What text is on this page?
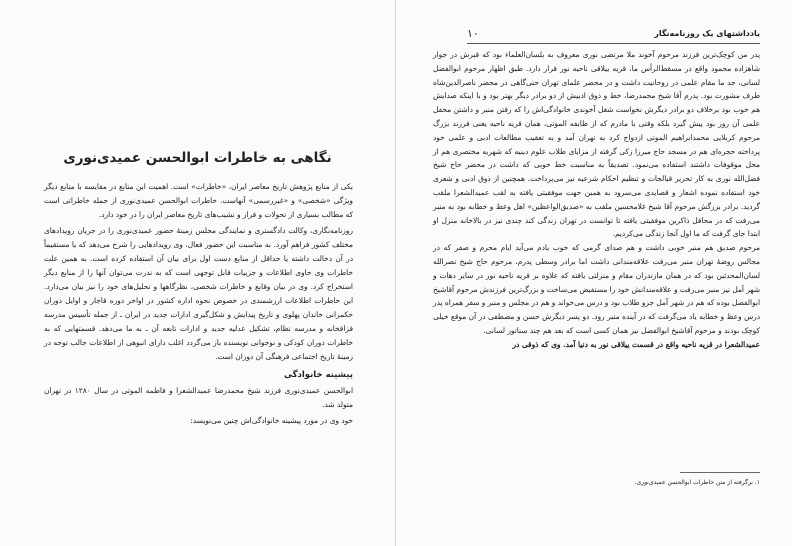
نگاهی به خاطرات ابوالحسن عمیدی‌نوری

یکی از منابع پژوهش تاریخ معاصر ایران، «خاطرات» است. اهمیت این منابع در مقایسه با منابع دیگر ویژگی «شخصی» و «غیررسمی» آنهاست. خاطرات ابوالحسن عمیدی‌نوری از جمله خاطراتی است که مطالب بسیاری از تحولات و فراز و نشیب‌های تاریخ معاصر ایران را در خود دارد.

روزنامه‌نگاری، وکالت دادگستری و نمایندگی مجلس زمینهٔ حضور عمیدی‌نوری را در جریان رویدادهای مختلف کشور فراهم آورد. به مناسبت این حضور فعال، وی رویدادهایی را شرح می‌دهد که یا مستقیماً در آن دخالت داشته یا حداقل از منابع دست اول برای بیان آن استفاده کرده است. به همین علت خاطرات وی حاوی اطلاعات و جزییات قابل توجهی است که به ندرت می‌توان آنها را از منابع دیگر استخراج کرد. وی در بیان وقایع و خاطرات شخصی، نظرگاهها و تحلیل‌های خود را نیز بیان می‌دارد. این خاطرات اطلاعات ارزشمندی در خصوص نحوه اداره کشور در اواخر دوره قاجار و اوایل دوران حکمرانی خاندان پهلوی و تاریخ پیدایش و شکل‌گیری ادارات جدید در ایران ـ از جمله تأسیس مدرسه قزاقخانه و مدرسه نظام، تشکیل عدلیه جدید و ادارات تابعه آن ـ به ما می‌دهد. قسمتهایی که به خاطرات دوران کودکی و نوجوانی نویسنده باز می‌گردد اغلب دارای انبوهی از اطلاعات جالب توجه در زمینهٔ تاریخ اجتماعی فرهنگی آن دوران است.

پیشینه خانوادگی

ابوالحسن عمیدی‌نوری فرزند شیخ محمدرضا عمیدالشعرا و فاطمه الموتی در سال ۱۲۸۰ در تهران متولد شد.

خود وی در مورد پیشینه خانوادگی‌اش چنین می‌نویسد:

یادداشتهای یک روزنامه‌نگار
۱۰

پدر من کوچک‌ترین فرزند مرحوم آخوند ملا مرتضی نوری معروف به بلسان‌العلماء بود که قبرش در جوار شاهزاده محمود واقع در مسقط‌الرأس ما، قریه ییلاقی ناحیه نور قرار دارد. طبق اظهار مرحوم ابوالفضل لسانی، جد ما مقام علمی در روحانیت داشت و در محضر علمای تهران حتی‌گاهی در محضر ناصرالدین‌شاه طرف مشورت بود. پدرم آقا شیخ محمدرضا، خط و ذوق ادبیش از دو برادر دیگر بهتر بود و با اینکه صدایش هم خوب بود برخلاف دو برادر دیگرش نخواست شغل آخوندی خانوادگی‌اش را که رفتن منبر و داشتن محفل علمی آن روز بود پیش گیرد بلکه وقتی با مادرم که از طایفه الموتی، همان قریه ناحیه یعنی فرزند بزرگ مرحوم کربلایی محمدابراهیم الموتی ازدواج کرد به تهران آمد و به تعقیب مطالعات ادبی و علمی خود پرداخته حجره‌ای هم در مسجد حاج میرزا زکی گرفته از مزایای طلاب علوم دینیه که شهریه مختصری هم از محل موقوفات داشتند استفاده می‌نمود. تصدیقاً به مناسبت خط خوبی که داشت در محضر حاج شیخ فضل‌الله نوری به کار تحریر قبالجات و تنظیم احکام شرعیه نیز می‌پرداخت. همچنین از ذوق ادبی و شعری خود استفاده نموده اشعار و قصایدی می‌سرود به همین جهت موفقیتی یافته به لقب عمیدالشعرا ملقب گردید. برادر بزرگش مرحوم آقا شیخ غلامحسین ملقب به «صدیق‌الواعظین» اهل وعظ و خطابه بود به منبر می‌رفت که در محافل ذاکرین موفقیتی یافته تا توانست در تهران زندگی کند چندی نیز در بالاخانه منزل او ابتدا جای گرفت که ما اول آنجا زندگی می‌کردیم.

مرحوم صدیق هم منبر خوبی داشت و هم صدای گرمی که خوب یادم می‌آید ایام محرم و صفر که در مجالس روضهٔ تهران منبر می‌رفت علاقه‌مندانی داشت اما برادر وسطی پدرم، مرحوم حاج شیخ نصرالله لسان‌المحدثین بود که در همان مازندران مقام و منزلتی یافته که علاوه بر قریه ناحیه نور در سایر دهات و شهر آمل نیز منبر می‌رفت و علاقه‌مندانش خود را مستفیض می‌ساخت و بزرگ‌ترین فرزندش مرحوم آقاشیخ ابوالفضل بوده که هم در شهر آمل جزو طلاب بود و درس می‌خواند و هم در مجلس و منبر و سفر همراه پدر درس وعظ و خطابه یاد می‌گرفت که در آینده منبر رود. دو پسر دیگرش حسن و مصطفی در آن موقع خیلی کوچک بودند و مرحوم آقاشیخ ابوالفضل نیز همان کسی است که بعد هم چند سناتور لسانی.

عمیدالشعرا در قریه ناحیه واقع در قسمت ییلاقی نور به دنیا آمد. وی که ذوقی در

۱. برگرفته از متن خاطرات ابوالحسن عمیدی‌نوری.
